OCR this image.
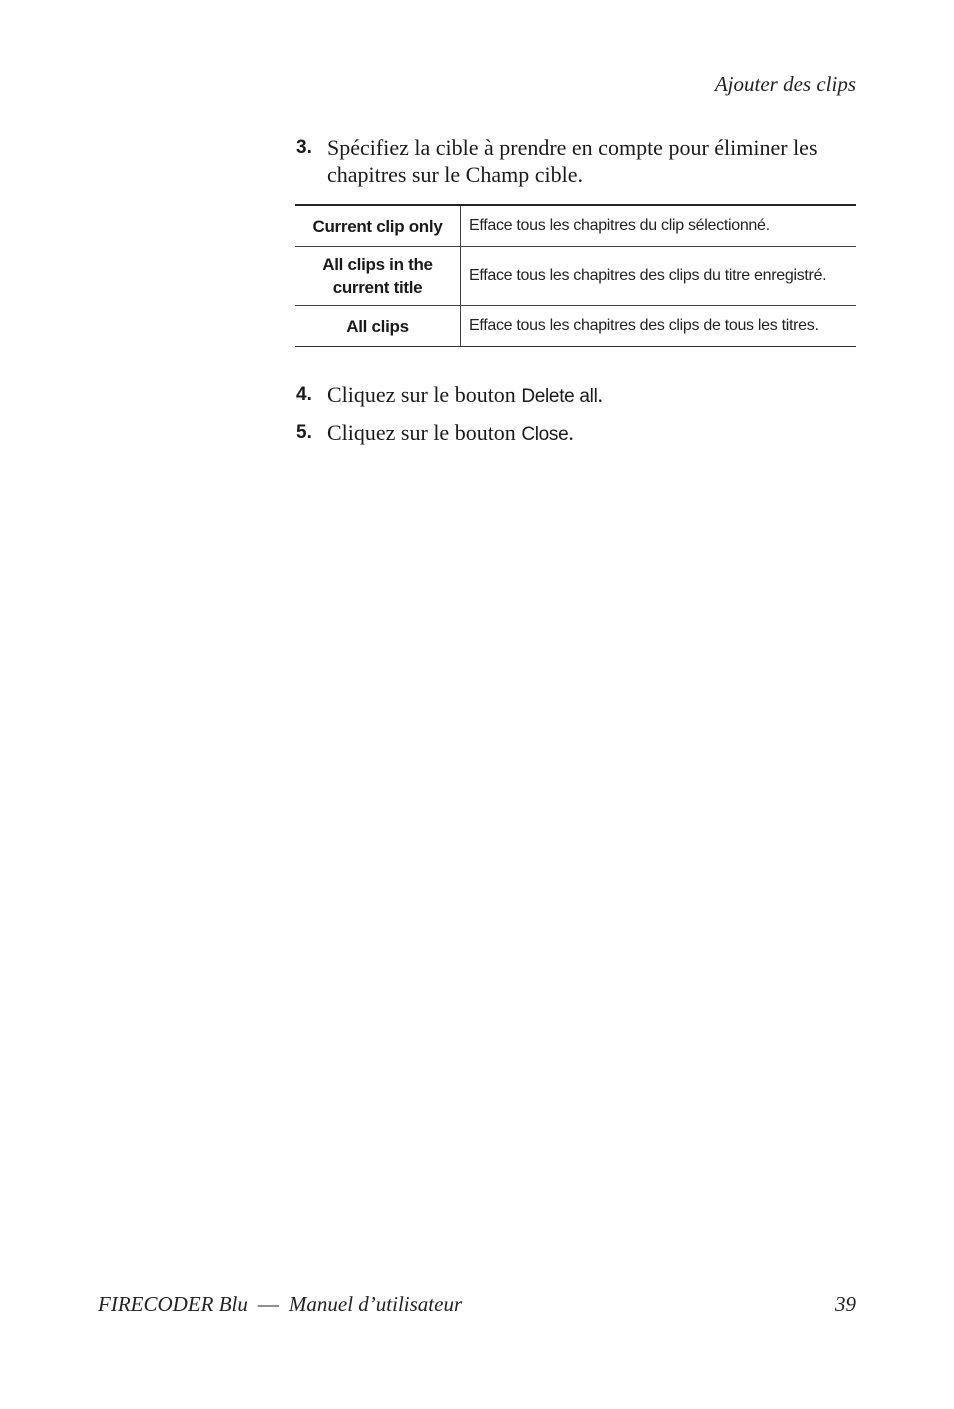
Ajouter des clips
3. Spécifiez la cible à prendre en compte pour éliminer les chapitres sur le Champ cible.
Current clip only	Efface tous les chapitres du clip sélectionné.

All clips in the current title	Efface tous les chapitres des clips du titre enregistré.
All clips	Efface tous les chapitres des clips de tous les titres.
4. Cliquez sur le bouton Delete all.
5. Cliquez sur le bouton Close.
FIRECODER Blu — Manuel d’utilisateur	39
